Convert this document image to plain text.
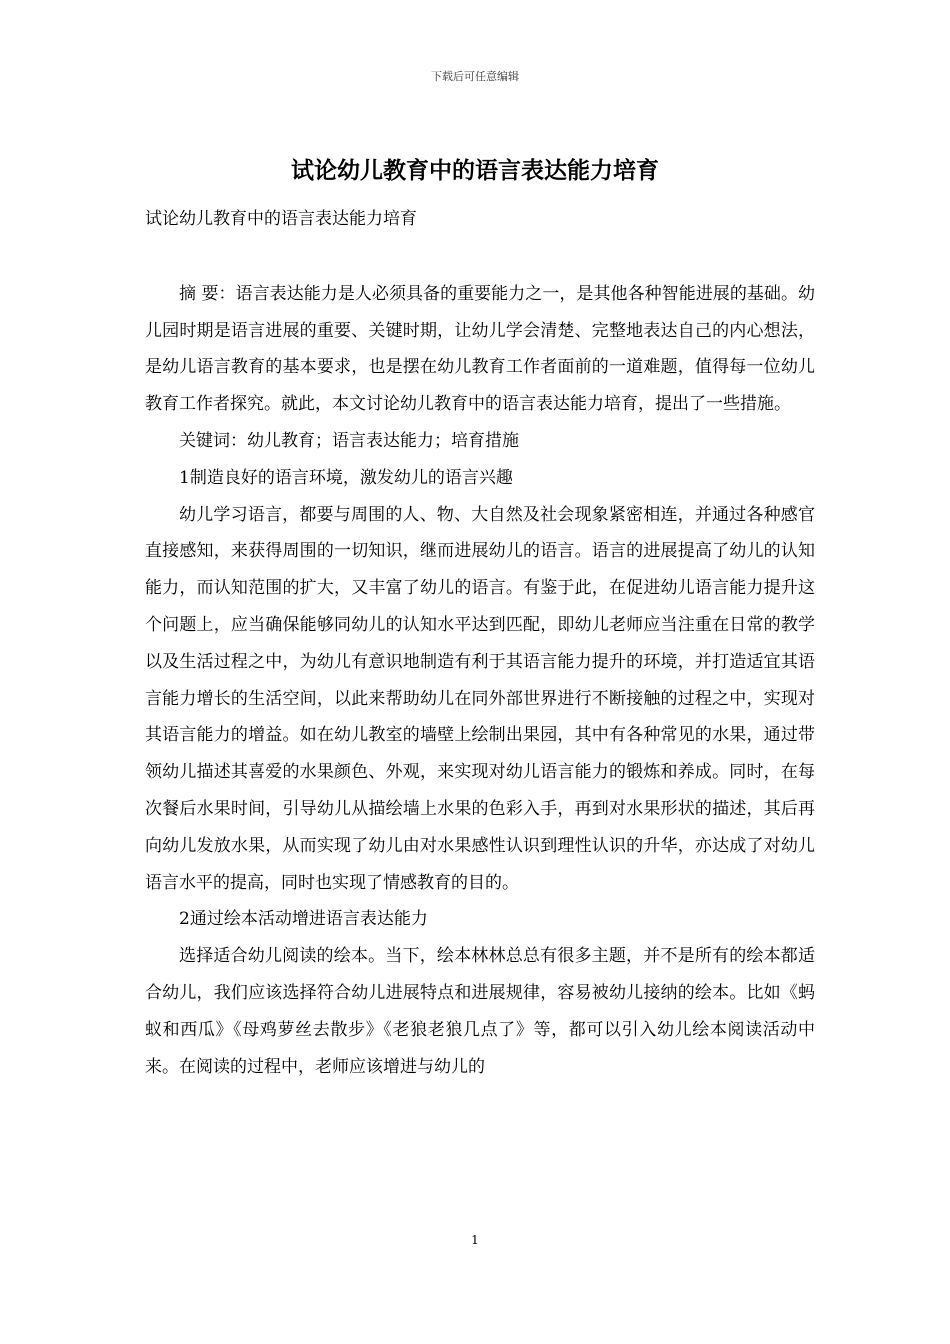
下载后可任意编辑
试论幼儿教育中的语言表达能力培育

试论幼儿教育中的语言表达能力培育

摘 要：语言表达能力是人必须具备的重要能力之一，是其他各种智能进展的基础。幼儿园时期是语言进展的重要、关键时期，让幼儿学会清楚、完整地表达自己的内心想法，是幼儿语言教育的基本要求，也是摆在幼儿教育工作者面前的一道难题，值得每一位幼儿教育工作者探究。就此，本文讨论幼儿教育中的语言表达能力培育，提出了一些措施。

关键词：幼儿教育；语言表达能力；培育措施

1制造良好的语言环境，激发幼儿的语言兴趣

幼儿学习语言，都要与周围的人、物、大自然及社会现象紧密相连，并通过各种感官直接感知，来获得周围的一切知识，继而进展幼儿的语言。语言的进展提高了幼儿的认知能力，而认知范围的扩大，又丰富了幼儿的语言。有鉴于此，在促进幼儿语言能力提升这个问题上，应当确保能够同幼儿的认知水平达到匹配，即幼儿老师应当注重在日常的教学以及生活过程之中，为幼儿有意识地制造有利于其语言能力提升的环境，并打造适宜其语言能力增长的生活空间，以此来帮助幼儿在同外部世界进行不断接触的过程之中，实现对其语言能力的增益。如在幼儿教室的墙壁上绘制出果园，其中有各种常见的水果，通过带领幼儿描述其喜爱的水果颜色、外观，来实现对幼儿语言能力的锻炼和养成。同时，在每次餐后水果时间，引导幼儿从描绘墙上水果的色彩入手，再到对水果形状的描述，其后再向幼儿发放水果，从而实现了幼儿由对水果感性认识到理性认识的升华，亦达成了对幼儿语言水平的提高，同时也实现了情感教育的目的。

2通过绘本活动增进语言表达能力

选择适合幼儿阅读的绘本。当下，绘本林林总总有很多主题，并不是所有的绘本都适合幼儿，我们应该选择符合幼儿进展特点和进展规律，容易被幼儿接纳的绘本。比如《蚂蚁和西瓜》《母鸡萝丝去散步》《老狼老狼几点了》等，都可以引入幼儿绘本阅读活动中来。在阅读的过程中，老师应该增进与幼儿的

1
